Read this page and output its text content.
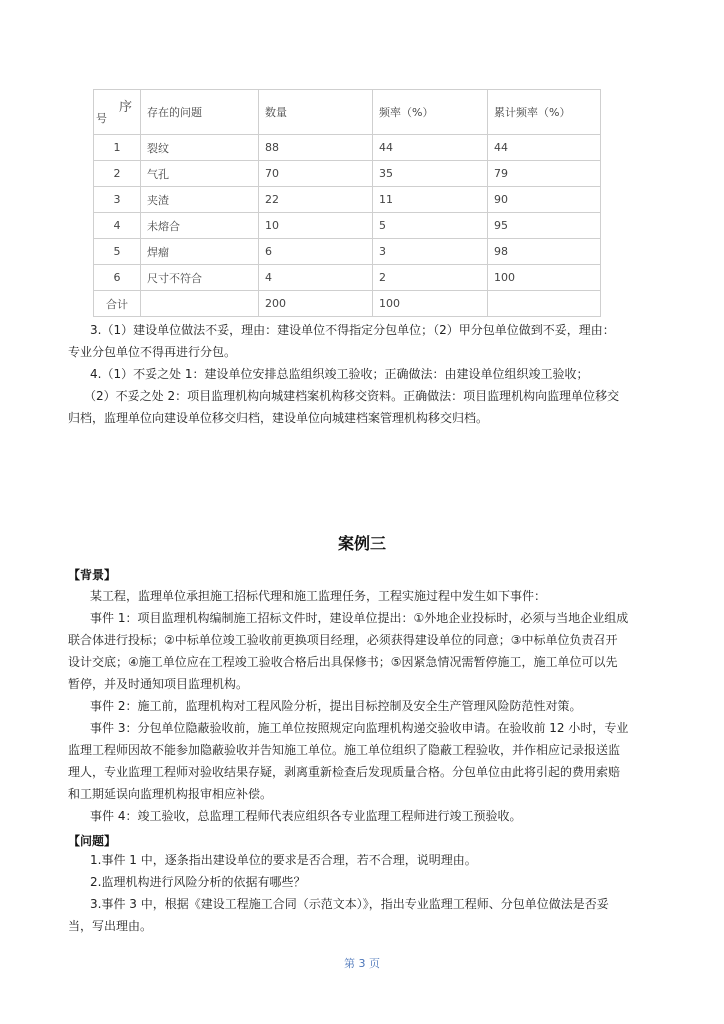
序
号	存在的问题	数量	频率（%）	累计频率（%）
1	裂纹	88	44	44
2	气孔	70	35	79
3	夹渣	22	11	90
4	未熔合	10	5	95
5	焊瘤	6	3	98
6	尺寸不符合	4	2	100
合计		200	100	
3.（1）建设单位做法不妥，理由：建设单位不得指定分包单位；（2）甲分包单位做到不妥，理由：
专业分包单位不得再进行分包。
4.（1）不妥之处 1：建设单位安排总监组织竣工验收；正确做法：由建设单位组织竣工验收；
（2）不妥之处 2：项目监理机构向城建档案机构移交资料。正确做法：项目监理机构向监理单位移交
归档，监理单位向建设单位移交归档，建设单位向城建档案管理机构移交归档。
案例三
【背景】
某工程，监理单位承担施工招标代理和施工监理任务，工程实施过程中发生如下事件：
事件 1：项目监理机构编制施工招标文件时，建设单位提出：①外地企业投标时，必须与当地企业组成
联合体进行投标；②中标单位竣工验收前更换项目经理，必须获得建设单位的同意；③中标单位负责召开
设计交底；④施工单位应在工程竣工验收合格后出具保修书；⑤因紧急情况需暂停施工，施工单位可以先
暂停，并及时通知项目监理机构。
事件 2：施工前，监理机构对工程风险分析，提出目标控制及安全生产管理风险防范性对策。
事件 3：分包单位隐蔽验收前，施工单位按照规定向监理机构递交验收申请。在验收前 12 小时，专业
监理工程师因故不能参加隐蔽验收并告知施工单位。施工单位组织了隐蔽工程验收，并作相应记录报送监
理人，专业监理工程师对验收结果存疑，剥离重新检查后发现质量合格。分包单位由此将引起的费用索赔
和工期延误向监理机构报审相应补偿。
事件 4：竣工验收，总监理工程师代表应组织各专业监理工程师进行竣工预验收。
【问题】
1.事件 1 中，逐条指出建设单位的要求是否合理，若不合理，说明理由。
2.监理机构进行风险分析的依据有哪些？
3.事件 3 中，根据《建设工程施工合同（示范文本）》，指出专业监理工程师、分包单位做法是否妥
当，写出理由。
第 3 页
